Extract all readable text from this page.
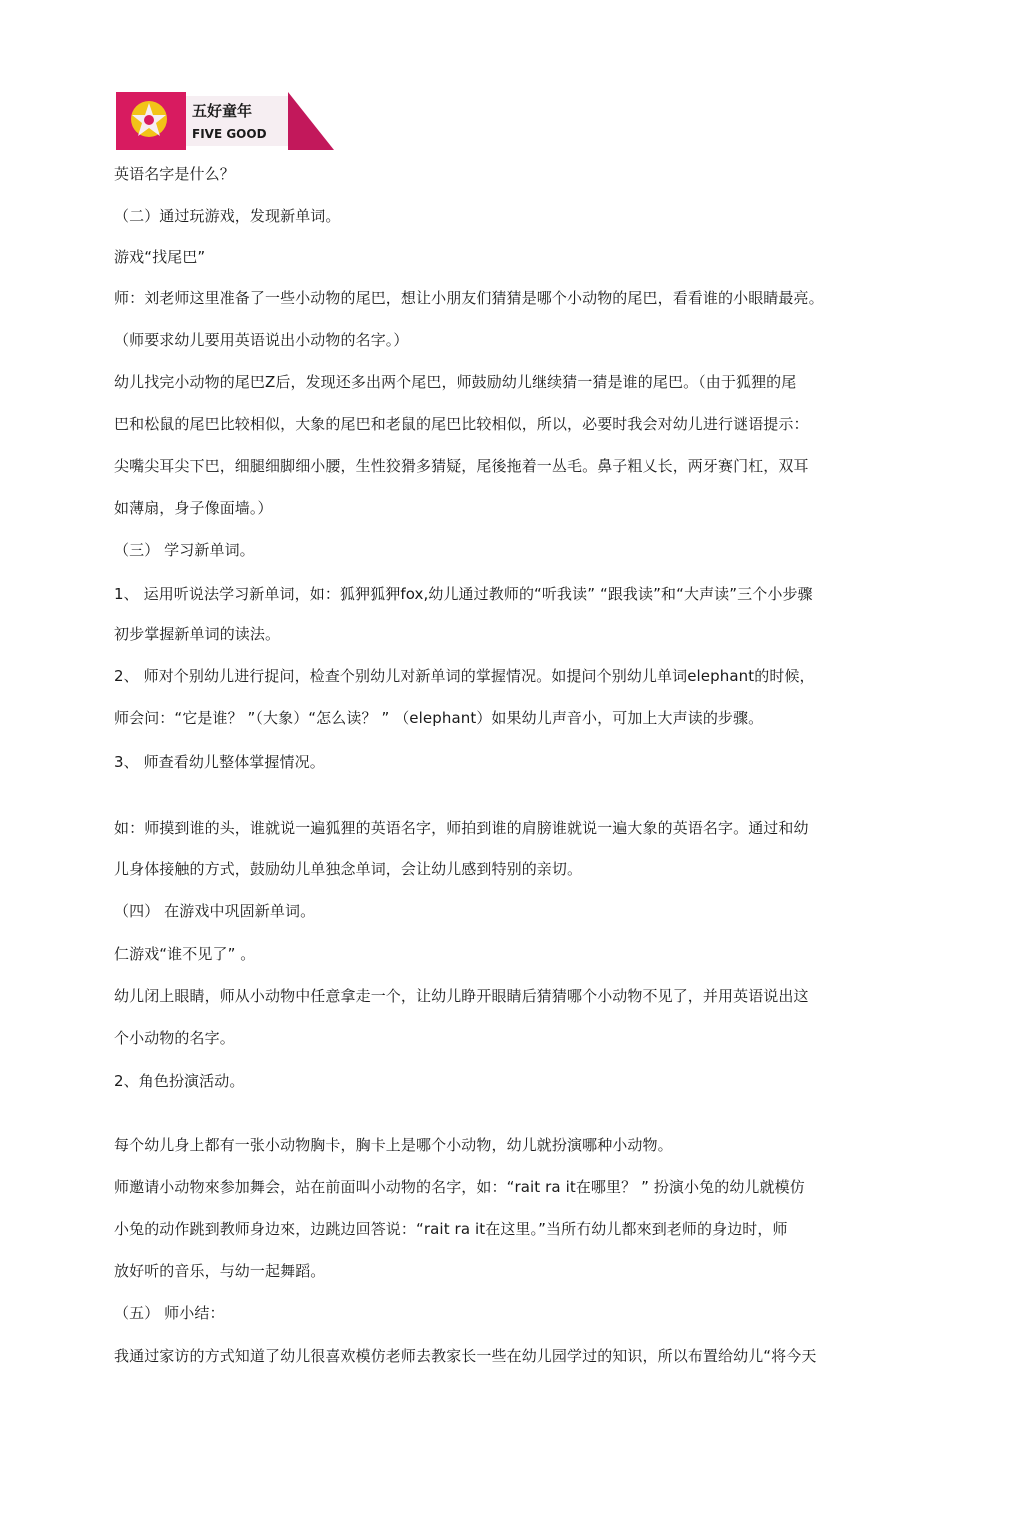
五好童年
FIVE GOOD

英语名字是什么？

（二）通过玩游戏，发现新单词。

游戏“找尾巴”

师：刘老师这里准备了一些小动物的尾巴，想让小朋友们猜猜是哪个小动物的尾巴，看看谁的小眼睛最亮。

（师要求幼儿要用英语说出小动物的名字。）

幼儿找完小动物的尾巴Z后，发现还多出两个尾巴，师鼓励幼儿继续猜一猜是谁的尾巴。（由于狐狸的尾

巴和松鼠的尾巴比较相似，大象的尾巴和老鼠的尾巴比较相似，所以，必要时我会对幼儿进行谜语提示：

尖嘴尖耳尖下巴，细腿细脚细小腰，生性狡猾多猜疑，尾後拖着一丛毛。鼻子粗乂长，两牙赛门杠，双耳

如薄扇，身子像面墙。）

（三） 学习新单词。

1、 运用听说法学习新单词，如：狐狎狐狎fox,幼儿通过教师的“听我读” “跟我读”和“大声读”三个小步骤

初步掌握新单词的读法。

2、 师对个别幼儿进行捉问，检查个别幼儿对新单词的掌握情况。如提问个别幼儿单词elephant的时候，

师会问：“它是谁？ ”（大象）“怎么读？ ” （elephant）如果幼儿声音小，可加上大声读的步骤。

3、 师查看幼儿整体掌握情况。

如：师摸到谁的头，谁就说一遍狐狸的英语名字，师拍到谁的肩膀谁就说一遍大象的英语名字。通过和幼

儿身体接触的方式，鼓励幼儿单独念单词，会让幼儿感到特别的亲切。

（四） 在游戏中巩固新单词。

仁游戏“谁不见了” 。

幼儿闭上眼睛，师从小动物中任意拿走一个，让幼儿睁开眼睛后猜猜哪个小动物不见了，并用英语说出这

个小动物的名字。

2、角色扮演活动。

每个幼儿身上都有一张小动物胸卡，胸卡上是哪个小动物，幼儿就扮演哪种小动物。

师邀请小动物來参加舞会，站在前面叫小动物的名字，如：“rait ra it在哪里？ ” 扮演小兔的幼儿就模仿

小兔的动作跳到教师身边來，边跳边回答说：“rait ra it在这里。”当所冇幼儿都來到老师的身边时，师

放好听的音乐，与幼一起舞蹈。

（五） 师小结：

我通过家访的方式知道了幼儿很喜欢模仿老师去教家长一些在幼儿园学过的知识，所以布置给幼儿“将今天
